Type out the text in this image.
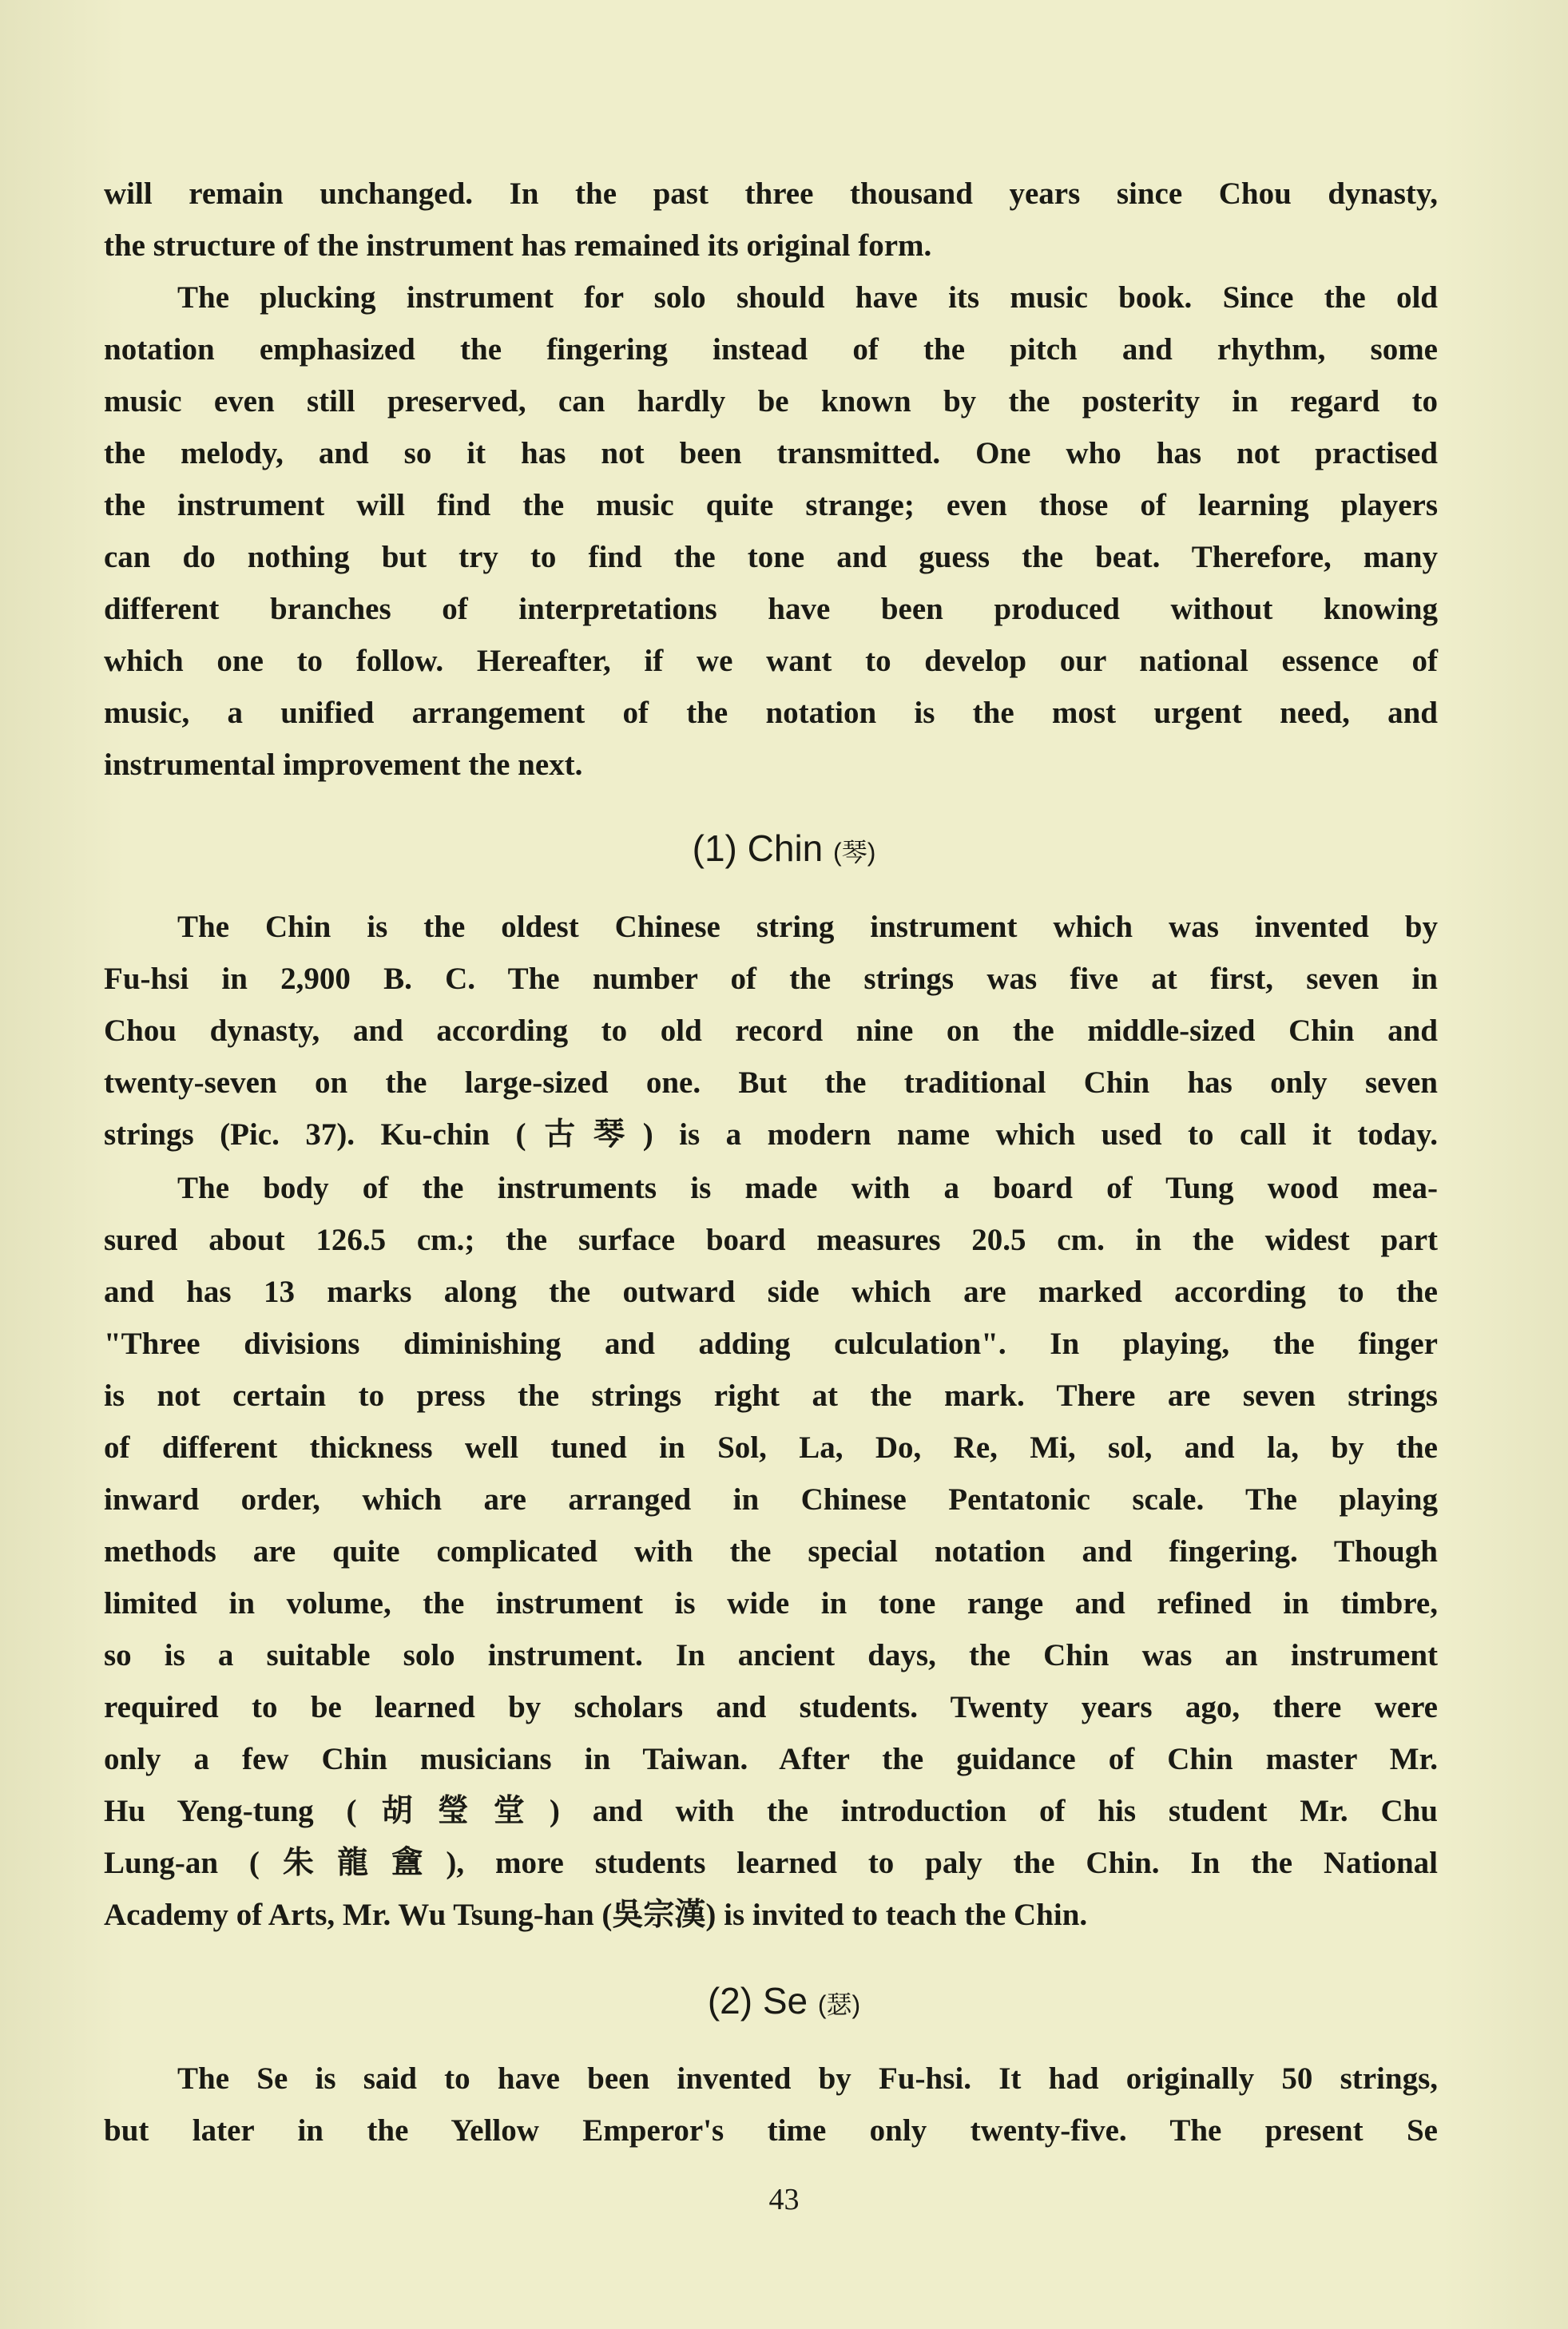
will remain unchanged. In the past three thousand years since Chou dynasty,
the structure of the instrument has remained its original form.
The plucking instrument for solo should have its music book. Since the old
notation emphasized the fingering instead of the pitch and rhythm, some
music even still preserved, can hardly be known by the posterity in regard to
the melody, and so it has not been transmitted. One who has not practised
the instrument will find the music quite strange; even those of learning players
can do nothing but try to find the tone and guess the beat. Therefore, many
different branches of interpretations have been produced without knowing
which one to follow. Hereafter, if we want to develop our national essence of
music, a unified arrangement of the notation is the most urgent need, and
instrumental improvement the next.
(1) Chin (琴)
The Chin is the oldest Chinese string instrument which was invented by
Fu-hsi in 2,900 B. C. The number of the strings was five at first, seven in
Chou dynasty, and according to old record nine on the middle-sized Chin and
twenty-seven on the large-sized one. But the traditional Chin has only seven
strings (Pic. 37). Ku-chin (古琴) is a modern name which used to call it today.
The body of the instruments is made with a board of Tung wood mea-
sured about 126.5 cm.; the surface board measures 20.5 cm. in the widest part
and has 13 marks along the outward side which are marked according to the
"Three divisions diminishing and adding culculation". In playing, the finger
is not certain to press the strings right at the mark. There are seven strings
of different thickness well tuned in Sol, La, Do, Re, Mi, sol, and la, by the
inward order, which are arranged in Chinese Pentatonic scale. The playing
methods are quite complicated with the special notation and fingering. Though
limited in volume, the instrument is wide in tone range and refined in timbre,
so is a suitable solo instrument. In ancient days, the Chin was an instrument
required to be learned by scholars and students. Twenty years ago, there were
only a few Chin musicians in Taiwan. After the guidance of Chin master Mr.
Hu Yeng-tung (胡瑩堂) and with the introduction of his student Mr. Chu
Lung-an (朱龍盦), more students learned to paly the Chin. In the National
Academy of Arts, Mr. Wu Tsung-han (吳宗漢) is invited to teach the Chin.
(2) Se (瑟)
The Se is said to have been invented by Fu-hsi. It had originally 50 strings,
but later in the Yellow Emperor's time only twenty-five. The present Se
43
